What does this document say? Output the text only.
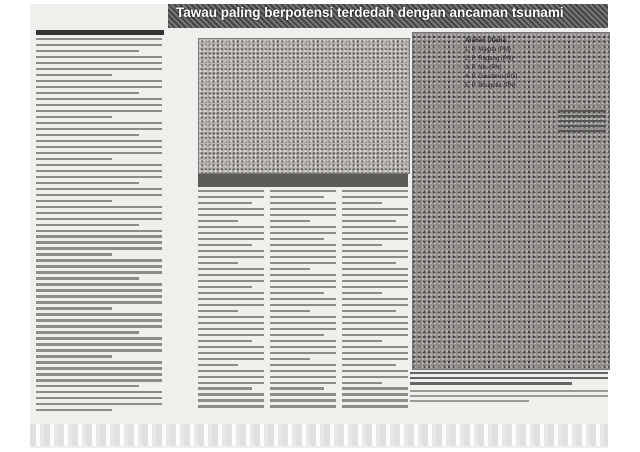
Tawau paling berpotensi terdedah dengan ancaman tsunami
Arahan Utama:
1. P. Mayda (PM)
2. P. Ragang (PN)
3. P. Nfu (PN)
4. P. Gaudanu (PG)
5. P. Bhugolla (PN)
